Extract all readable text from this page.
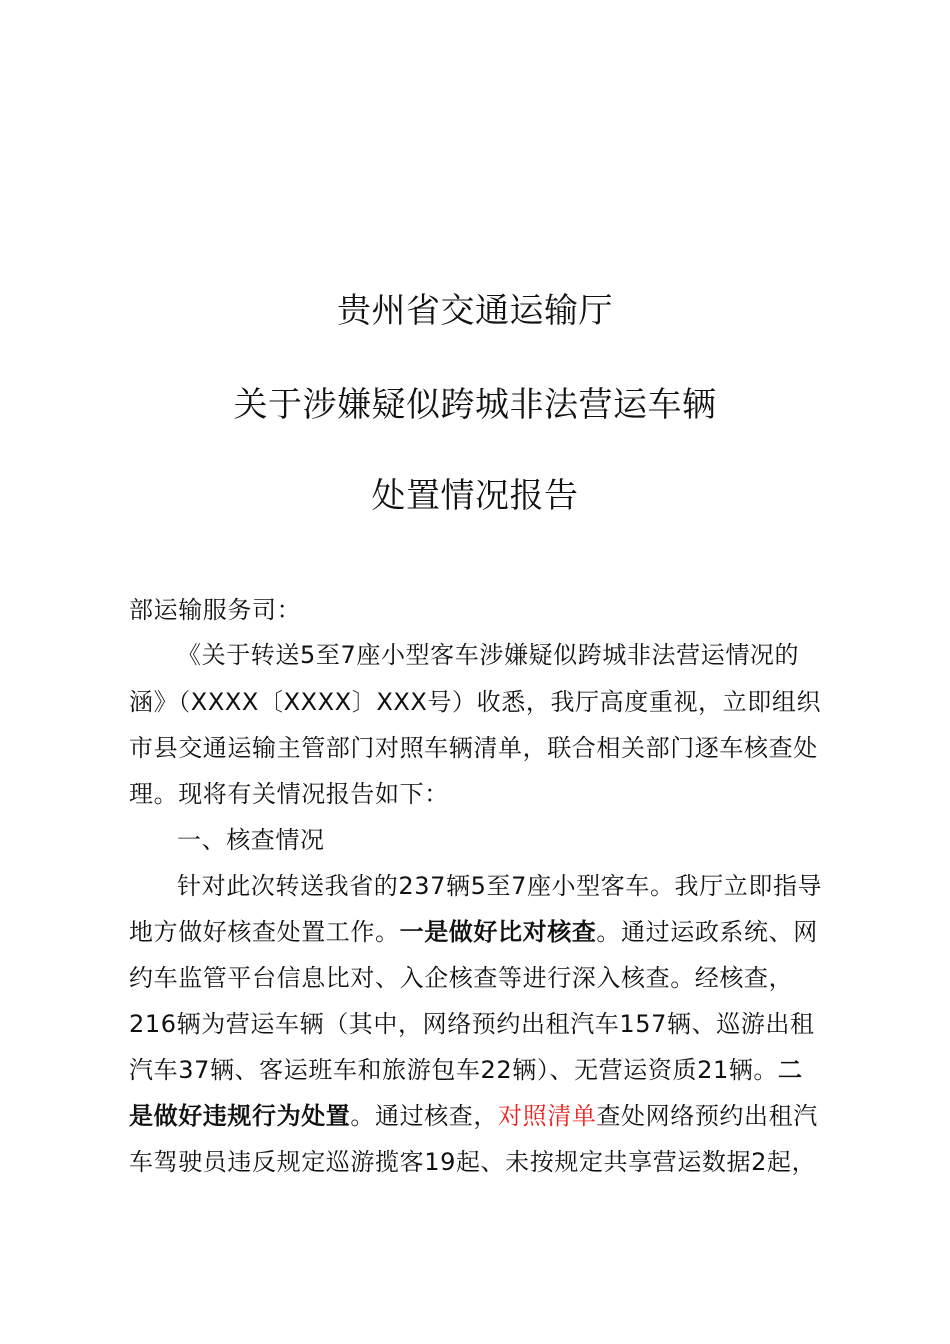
贵州省交通运输厅
关于涉嫌疑似跨城非法营运车辆
处置情况报告
部运输服务司：
《关于转送5至7座小型客车涉嫌疑似跨城非法营运情况的
涵》（XXXX〔XXXX〕XXX号）收悉，我厅高度重视，立即组织
市县交通运输主管部门对照车辆清单，联合相关部门逐车核查处
理。现将有关情况报告如下：
一、核查情况
针对此次转送我省的237辆5至7座小型客车。我厅立即指导
地方做好核查处置工作。一是做好比对核查。通过运政系统、网
约车监管平台信息比对、入企核查等进行深入核查。经核查，
216辆为营运车辆（其中，网络预约出租汽车157辆、巡游出租
汽车37辆、客运班车和旅游包车22辆）、无营运资质21辆。二
是做好违规行为处置。通过核查，对照清单查处网络预约出租汽
车驾驶员违反规定巡游揽客19起、未按规定共享营运数据2起，
